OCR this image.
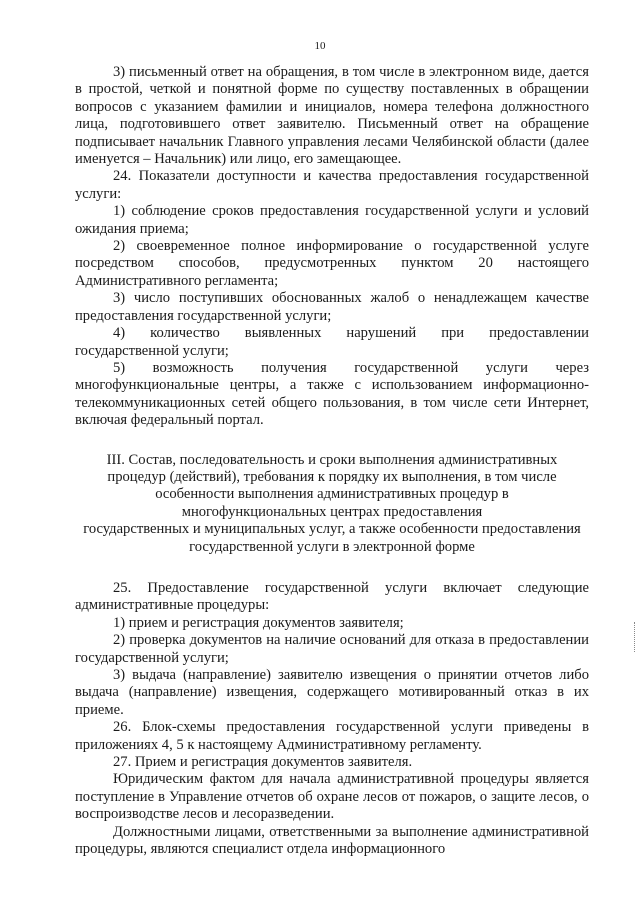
10

3) письменный ответ на обращения, в том числе в электронном виде, дается в простой, четкой и понятной форме по существу поставленных в обращении вопросов с указанием фамилии и инициалов, номера телефона должностного лица, подготовившего ответ заявителю. Письменный ответ на обращение подписывает начальник Главного управления лесами Челябинской области (далее именуется – Начальник) или лицо, его замещающее.

24. Показатели доступности и качества предоставления государственной услуги:

1) соблюдение сроков предоставления государственной услуги и условий ожидания приема;

2) своевременное полное информирование о государственной услуге посредством способов, предусмотренных пунктом 20 настоящего Административного регламента;

3) число поступивших обоснованных жалоб о ненадлежащем качестве предоставления государственной услуги;

4) количество выявленных нарушений при предоставлении государственной услуги;

5) возможность получения государственной услуги через многофункциональные центры, а также с использованием информационно-телекоммуникационных сетей общего пользования, в том числе сети Интернет, включая федеральный портал.

III. Состав, последовательность и сроки выполнения административных
процедур (действий), требования к порядку их выполнения, в том числе
особенности выполнения административных процедур в
многофункциональных центрах предоставления
государственных и муниципальных услуг, а также особенности предоставления
государственной услуги в электронной форме

25. Предоставление государственной услуги включает следующие административные процедуры:

1) прием и регистрация документов заявителя;

2) проверка документов на наличие оснований для отказа в предоставлении государственной услуги;

3) выдача (направление) заявителю извещения о принятии отчетов либо выдача (направление) извещения, содержащего мотивированный отказ в их приеме.

26. Блок-схемы предоставления государственной услуги приведены в приложениях 4, 5 к настоящему Административному регламенту.

27. Прием и регистрация документов заявителя.

Юридическим фактом для начала административной процедуры является поступление в Управление отчетов об охране лесов от пожаров, о защите лесов, о воспроизводстве лесов и лесоразведении.

Должностными лицами, ответственными за выполнение административной процедуры, являются специалист отдела информационного
